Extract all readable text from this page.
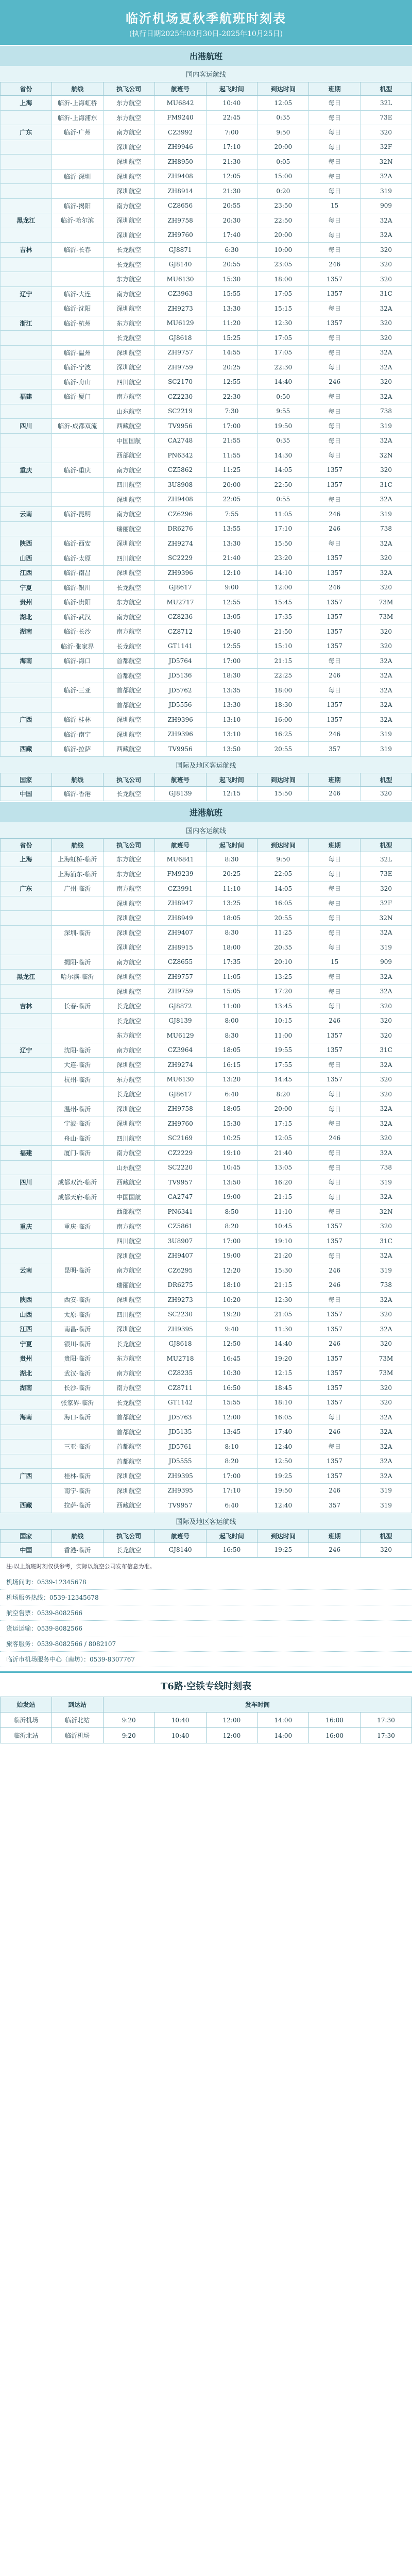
临沂机场夏秋季航班时刻表
(执行日期2025年03月30日-2025年10月25日)
出港航班
国内客运航线
省份	航线	执飞公司	航班号	起飞时间	到达时间	班期	机型
上海	临沂-上海虹桥	东方航空	MU6842	10:40	12:05	每日	32L
	临沂-上海浦东	东方航空	FM9240	22:45	0:35	每日	73E
广东	临沂-广州	南方航空	CZ3992	7:00	9:50	每日	320
		深圳航空	ZH9946	17:10	20:00	每日	32F
		深圳航空	ZH8950	21:30	0:05	每日	32N
	临沂-深圳	深圳航空	ZH9408	12:05	15:00	每日	32A
		深圳航空	ZH8914	21:30	0:20	每日	319
	临沂-揭阳	南方航空	CZ8656	20:55	23:50	15	909
黑龙江	临沂-哈尔滨	深圳航空	ZH9758	20:30	22:50	每日	32A
		深圳航空	ZH9760	17:40	20:00	每日	32A
吉林	临沂-长春	长龙航空	GJ8871	6:30	10:00	每日	320
		长龙航空	GJ8140	20:55	23:05	246	320
		东方航空	MU6130	15:30	18:00	1357	320
辽宁	临沂-大连	南方航空	CZ3963	15:55	17:05	1357	31C
	临沂-沈阳	深圳航空	ZH9273	13:30	15:15	每日	32A
浙江	临沂-杭州	东方航空	MU6129	11:20	12:30	1357	320
		长龙航空	GJ8618	15:25	17:05	每日	320
	临沂-温州	深圳航空	ZH9757	14:55	17:05	每日	32A
	临沂-宁波	深圳航空	ZH9759	20:25	22:30	每日	32A
	临沂-舟山	四川航空	SC2170	12:55	14:40	246	320
福建	临沂-厦门	南方航空	CZ2230	22:30	0:50	每日	32A
		山东航空	SC2219	7:30	9:55	每日	738
四川	临沂-成都双流	西藏航空	TV9956	17:00	19:50	每日	319
		中国国航	CA2748	21:55	0:35	每日	32A
		西部航空	PN6342	11:55	14:30	每日	32N
重庆	临沂-重庆	南方航空	CZ5862	11:25	14:05	1357	320
		四川航空	3U8908	20:00	22:50	1357	31C
		深圳航空	ZH9408	22:05	0:55	每日	32A
云南	临沂-昆明	南方航空	CZ6296	7:55	11:05	246	319
		瑞丽航空	DR6276	13:55	17:10	246	738
陕西	临沂-西安	深圳航空	ZH9274	13:30	15:50	每日	32A
山西	临沂-太原	四川航空	SC2229	21:40	23:20	1357	320
江西	临沂-南昌	深圳航空	ZH9396	12:10	14:10	1357	32A
宁夏	临沂-银川	长龙航空	GJ8617	9:00	12:00	246	320
贵州	临沂-贵阳	东方航空	MU2717	12:55	15:45	1357	73M
湖北	临沂-武汉	南方航空	CZ8236	13:05	17:35	1357	73M
湖南	临沂-长沙	南方航空	CZ8712	19:40	21:50	1357	320
	临沂-张家界	长龙航空	GT1141	12:55	15:10	1357	320
海南	临沂-海口	首都航空	JD5764	17:00	21:15	每日	32A
		首都航空	JD5136	18:30	22:25	246	32A
	临沂-三亚	首都航空	JD5762	13:35	18:00	每日	32A
		首都航空	JD5556	13:30	18:30	1357	32A
广西	临沂-桂林	深圳航空	ZH9396	13:10	16:00	1357	32A
	临沂-南宁	深圳航空	ZH9396	13:10	16:25	246	319
西藏	临沂-拉萨	西藏航空	TV9956	13:50	20:55	357	319
国际及地区客运航线
国家	航线	执飞公司	航班号	起飞时间	到达时间	班期	机型
中国	临沂-香港	长龙航空	GJ8139	12:15	15:50	246	320
进港航班
国内客运航线
省份	航线	执飞公司	航班号	起飞时间	到达时间	班期	机型
上海	上海虹桥-临沂	东方航空	MU6841	8:30	9:50	每日	32L
	上海浦东-临沂	东方航空	FM9239	20:25	22:05	每日	73E
广东	广州-临沂	南方航空	CZ3991	11:10	14:05	每日	320
		深圳航空	ZH8947	13:25	16:05	每日	32F
		深圳航空	ZH8949	18:05	20:55	每日	32N
	深圳-临沂	深圳航空	ZH9407	8:30	11:25	每日	32A
		深圳航空	ZH8915	18:00	20:35	每日	319
	揭阳-临沂	南方航空	CZ8655	17:35	20:10	15	909
黑龙江	哈尔滨-临沂	深圳航空	ZH9757	11:05	13:25	每日	32A
		深圳航空	ZH9759	15:05	17:20	每日	32A
吉林	长春-临沂	长龙航空	GJ8872	11:00	13:45	每日	320
		长龙航空	GJ8139	8:00	10:15	246	320
		东方航空	MU6129	8:30	11:00	1357	320
辽宁	沈阳-临沂	南方航空	CZ3964	18:05	19:55	1357	31C
	大连-临沂	深圳航空	ZH9274	16:15	17:55	每日	32A
	杭州-临沂	东方航空	MU6130	13:20	14:45	1357	320
		长龙航空	GJ8617	6:40	8:20	每日	320
	温州-临沂	深圳航空	ZH9758	18:05	20:00	每日	32A
	宁波-临沂	深圳航空	ZH9760	15:30	17:15	每日	32A
	舟山-临沂	四川航空	SC2169	10:25	12:05	246	320
福建	厦门-临沂	南方航空	CZ2229	19:10	21:40	每日	32A
		山东航空	SC2220	10:45	13:05	每日	738
四川	成都双流-临沂	西藏航空	TV9957	13:50	16:20	每日	319
	成都天府-临沂	中国国航	CA2747	19:00	21:15	每日	32A
		西部航空	PN6341	8:50	11:10	每日	32N
重庆	重庆-临沂	南方航空	CZ5861	8:20	10:45	1357	320
		四川航空	3U8907	17:00	19:10	1357	31C
		深圳航空	ZH9407	19:00	21:20	每日	32A
云南	昆明-临沂	南方航空	CZ6295	12:20	15:30	246	319
		瑞丽航空	DR6275	18:10	21:15	246	738
陕西	西安-临沂	深圳航空	ZH9273	10:20	12:30	每日	32A
山西	太原-临沂	四川航空	SC2230	19:20	21:05	1357	320
江西	南昌-临沂	深圳航空	ZH9395	9:40	11:30	1357	32A
宁夏	银川-临沂	长龙航空	GJ8618	12:50	14:40	246	320
贵州	贵阳-临沂	东方航空	MU2718	16:45	19:20	1357	73M
湖北	武汉-临沂	南方航空	CZ8235	10:30	12:15	1357	73M
湖南	长沙-临沂	南方航空	CZ8711	16:50	18:45	1357	320
	张家界-临沂	长龙航空	GT1142	15:55	18:10	1357	320
海南	海口-临沂	首都航空	JD5763	12:00	16:05	每日	32A
		首都航空	JD5135	13:45	17:40	246	32A
	三亚-临沂	首都航空	JD5761	8:10	12:40	每日	32A
		首都航空	JD5555	8:20	12:50	1357	32A
广西	桂林-临沂	深圳航空	ZH9395	17:00	19:25	1357	32A
	南宁-临沂	深圳航空	ZH9395	17:10	19:50	246	319
西藏	拉萨-临沂	西藏航空	TV9957	6:40	12:40	357	319
国际及地区客运航线
国家	航线	执飞公司	航班号	起飞时间	到达时间	班期	机型
中国	香港-临沂	长龙航空	GJ8140	16:50	19:25	246	320
注:以上航班时刻仅供参考，实际以航空公司发布信息为准。
机场问询：0539-12345678
机场服务热线：0539-12345678
航空售票：0539-8082566
货运运输：0539-8082566
旅客服务：0539-8082566 / 8082107
临沂市机场服务中心（南坊）：0539-8307767
T6路·空铁专线时刻表
始发站	到达站	发车时间					
临沂机场	临沂北站	9:20	10:40	12:00	14:00	16:00	17:30
临沂北站	临沂机场	9:20	10:40	12:00	14:00	16:00	17:30
